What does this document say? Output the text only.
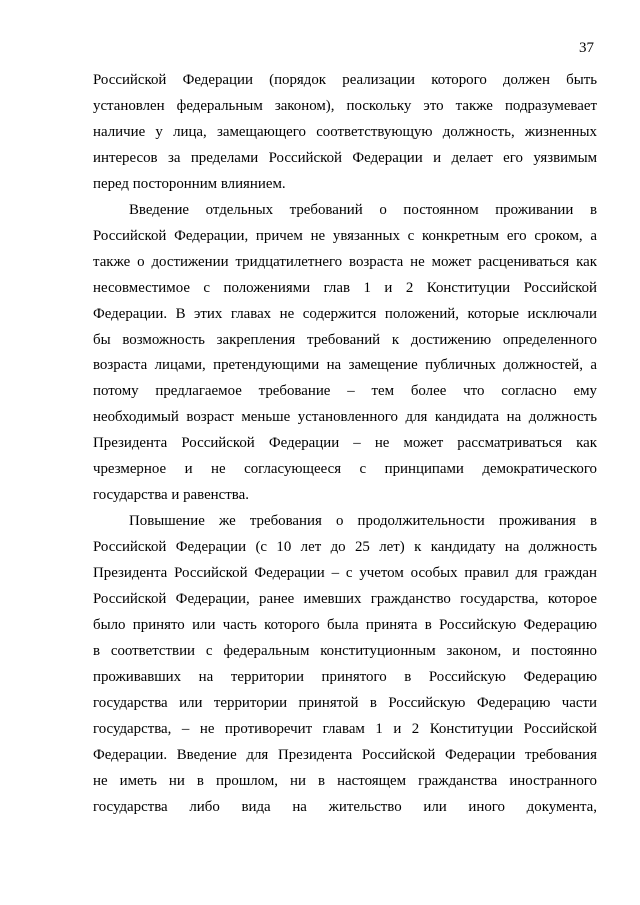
37
Российской Федерации (порядок реализации которого должен быть
установлен федеральным законом), поскольку это также подразумевает
наличие у лица, замещающего соответствующую должность, жизненных
интересов за пределами Российской Федерации и делает его уязвимым
перед посторонним влиянием.
Введение отдельных требований о постоянном проживании в
Российской Федерации, причем не увязанных с конкретным его сроком, а
также о достижении тридцатилетнего возраста не может расцениваться как
несовместимое с положениями глав 1 и 2 Конституции Российской
Федерации. В этих главах не содержится положений, которые исключали
бы возможность закрепления требований к достижению определенного
возраста лицами, претендующими на замещение публичных должностей, а
потому предлагаемое требование – тем более что согласно ему
необходимый возраст меньше установленного для кандидата на должность
Президента Российской Федерации – не может рассматриваться как
чрезмерное и не согласующееся с принципами демократического
государства и равенства.
Повышение же требования о продолжительности проживания в
Российской Федерации (с 10 лет до 25 лет) к кандидату на должность
Президента Российской Федерации – с учетом особых правил для граждан
Российской Федерации, ранее имевших гражданство государства, которое
было принято или часть которого была принята в Российскую Федерацию
в соответствии с федеральным конституционным законом, и постоянно
проживавших на территории принятого в Российскую Федерацию
государства или территории принятой в Российскую Федерацию части
государства, – не противоречит главам 1 и 2 Конституции Российской
Федерации. Введение для Президента Российской Федерации требования
не иметь ни в прошлом, ни в настоящем гражданства иностранного
государства либо вида на жительство или иного документа,
